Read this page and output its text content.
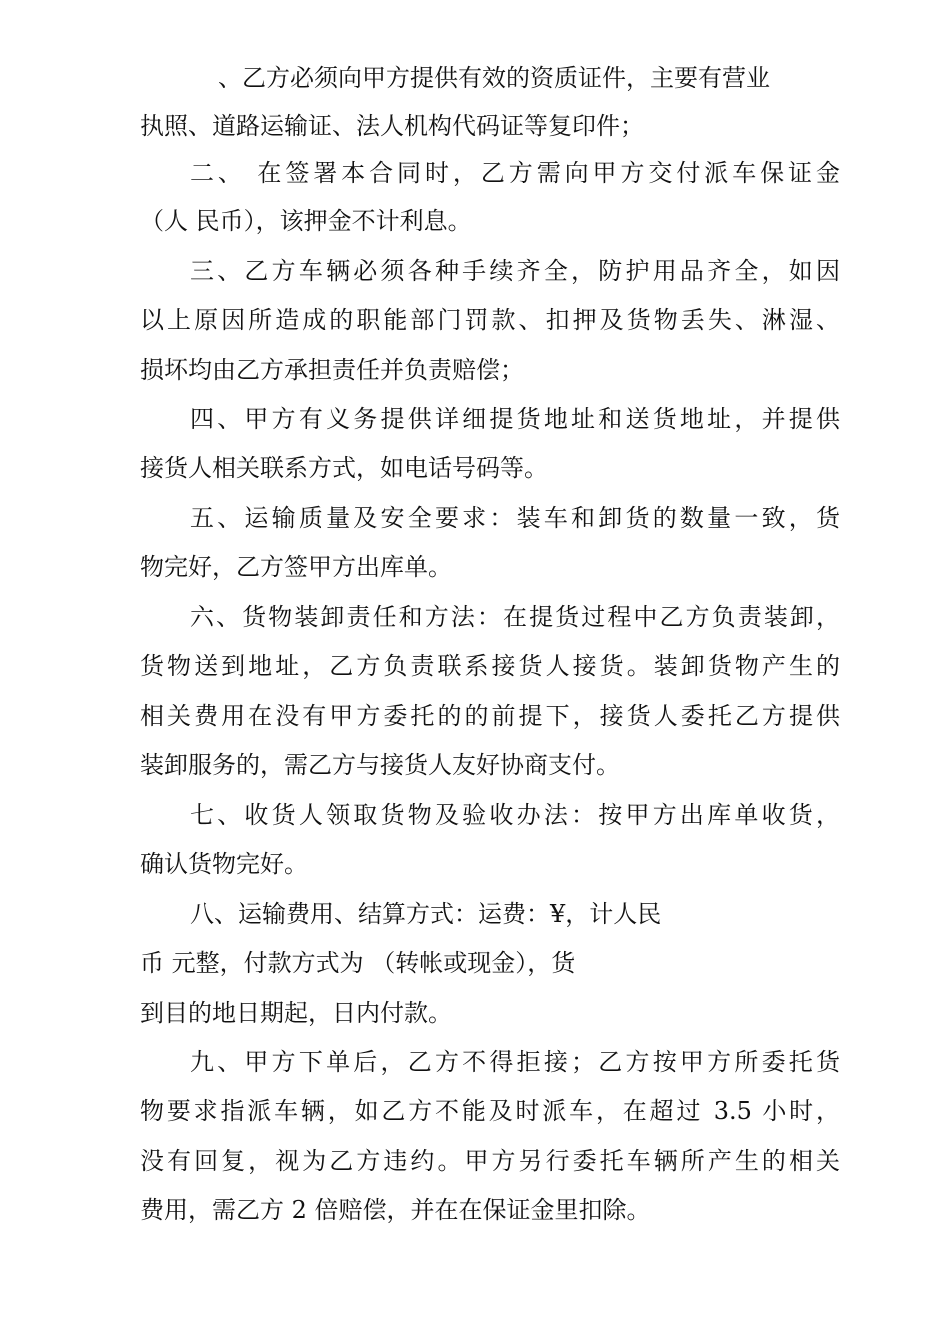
、乙方必须向甲方提供有效的资质证件，主要有营业
执照、道路运输证、法人机构代码证等复印件；
二、 在签署本合同时，乙方需向甲方交付派车保证金
（人 民币），该押金不计利息。
三、乙方车辆必须各种手续齐全，防护用品齐全，如因
以上原因所造成的职能部门罚款、扣押及货物丢失、淋湿、
损坏均由乙方承担责任并负责赔偿；
四、甲方有义务提供详细提货地址和送货地址，并提供
接货人相关联系方式，如电话号码等。
五、运输质量及安全要求：装车和卸货的数量一致，货
物完好，乙方签甲方出库单。
六、货物装卸责任和方法：在提货过程中乙方负责装卸，
货物送到地址，乙方负责联系接货人接货。装卸货物产生的
相关费用在没有甲方委托的的前提下，接货人委托乙方提供
装卸服务的，需乙方与接货人友好协商支付。
七、收货人领取货物及验收办法：按甲方出库单收货，
确认货物完好。
八、运输费用、结算方式：运费：¥，计人民
币 元整，付款方式为 （转帐或现金），货
到目的地日期起，日内付款。
九、甲方下单后，乙方不得拒接；乙方按甲方所委托货
物要求指派车辆，如乙方不能及时派车，在超过 3.5 小时，
没有回复，视为乙方违约。甲方另行委托车辆所产生的相关
费用，需乙方 2 倍赔偿，并在在保证金里扣除。
